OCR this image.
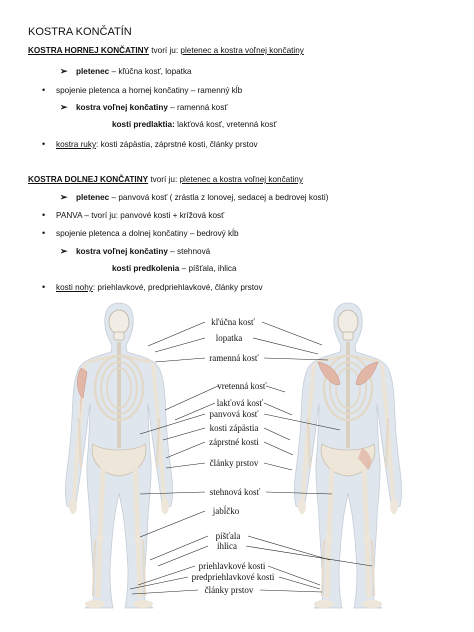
KOSTRA KONČATÍN
KOSTRA HORNEJ KONČATINY tvorí ju: pletenec a kostra voľnej končatiny
➢ pletenec – kľúčna kosť, lopatka
• spojenie pletenca a hornej končatiny – ramenný kĺb
➢ kostra voľnej končatiny – ramenná kosť
kosti predlaktia: lakťová kosť, vretenná kosť
• kostra ruky: kosti zápästia, záprstné kosti, články prstov
KOSTRA DOLNEJ KONČATINY tvorí ju: pletenec a kostra voľnej končatiny
➢ pletenec – panvová kosť ( zrástla z lonovej, sedacej a bedrovej kosti)
• PANVA – tvorí ju: panvové kosti + krížová kosť
• spojenie pletenca a dolnej končatiny – bedrový kĺb
➢ kostra voľnej končatiny – stehnová
kosti predkolenia – píšťala, ihlica
• kosti nohy: priehlavkové, predpriehlavkové, články prstov
kľúčna kosť
lopatka
ramenná kosť
vretenná kosť
lakťová kosť
panvová kosť
kosti zápästia
záprstné kosti
články prstov
stehnová kosť
jabĺčko
píšťala
ihlica
priehlavkové kosti
predpriehlavkové kosti
články prstov
